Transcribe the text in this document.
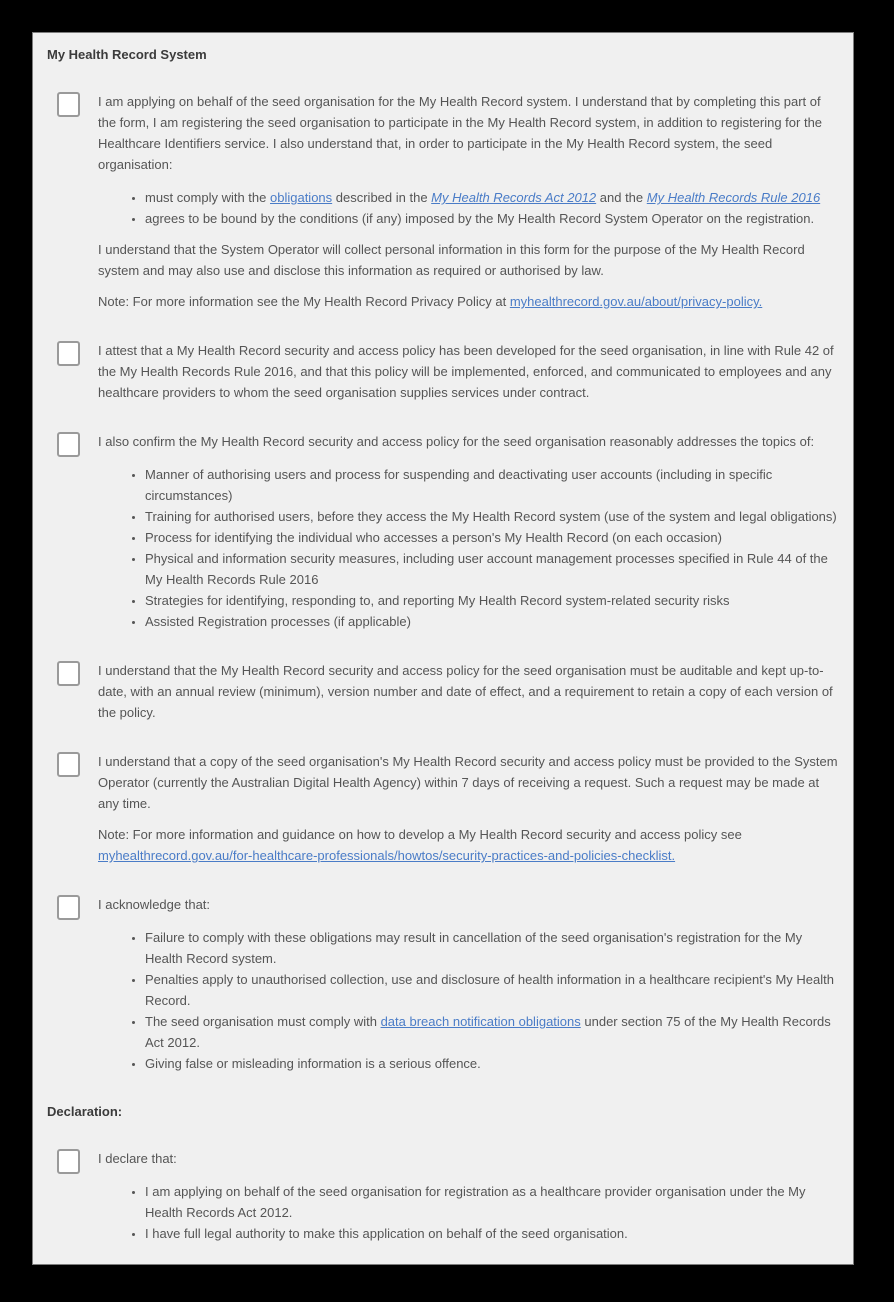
My Health Record System

I am applying on behalf of the seed organisation for the My Health Record system. I understand that by completing this part of the form, I am registering the seed organisation to participate in the My Health Record system, in addition to registering for the Healthcare Identifiers service. I also understand that, in order to participate in the My Health Record system, the seed organisation:

• must comply with the obligations described in the My Health Records Act 2012 and the My Health Records Rule 2016
• agrees to be bound by the conditions (if any) imposed by the My Health Record System Operator on the registration.

I understand that the System Operator will collect personal information in this form for the purpose of the My Health Record system and may also use and disclose this information as required or authorised by law.

Note: For more information see the My Health Record Privacy Policy at myhealthrecord.gov.au/about/privacy-policy.

I attest that a My Health Record security and access policy has been developed for the seed organisation, in line with Rule 42 of the My Health Records Rule 2016, and that this policy will be implemented, enforced, and communicated to employees and any healthcare providers to whom the seed organisation supplies services under contract.

I also confirm the My Health Record security and access policy for the seed organisation reasonably addresses the topics of:

• Manner of authorising users and process for suspending and deactivating user accounts (including in specific circumstances)
• Training for authorised users, before they access the My Health Record system (use of the system and legal obligations)
• Process for identifying the individual who accesses a person's My Health Record (on each occasion)
• Physical and information security measures, including user account management processes specified in Rule 44 of the My Health Records Rule 2016
• Strategies for identifying, responding to, and reporting My Health Record system-related security risks
• Assisted Registration processes (if applicable)

I understand that the My Health Record security and access policy for the seed organisation must be auditable and kept up-to-date, with an annual review (minimum), version number and date of effect, and a requirement to retain a copy of each version of the policy.

I understand that a copy of the seed organisation's My Health Record security and access policy must be provided to the System Operator (currently the Australian Digital Health Agency) within 7 days of receiving a request. Such a request may be made at any time.

Note: For more information and guidance on how to develop a My Health Record security and access policy see myhealthrecord.gov.au/for-healthcare-professionals/howtos/security-practices-and-policies-checklist.

I acknowledge that:

• Failure to comply with these obligations may result in cancellation of the seed organisation's registration for the My Health Record system.
• Penalties apply to unauthorised collection, use and disclosure of health information in a healthcare recipient's My Health Record.
• The seed organisation must comply with data breach notification obligations under section 75 of the My Health Records Act 2012.
• Giving false or misleading information is a serious offence.
Declaration:

I declare that:

• I am applying on behalf of the seed organisation for registration as a healthcare provider organisation under the My Health Records Act 2012.
• I have full legal authority to make this application on behalf of the seed organisation.
